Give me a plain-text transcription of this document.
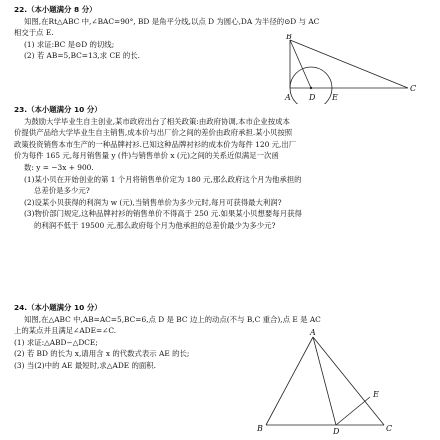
22.（本小题满分 8 分）

知图,在Rt△ABC 中,∠BAC=90°, BD 是角平分线,以点 D 为圆心,DA 为半径的⊙D 与 AC

相交于点 E.

(1) 求证:BC 是⊙D 的切线;

(2) 若 AB=5,BC=13,求 CE 的长.

A
B
C
D E

23.（本小题满分 10 分）

为鼓励大学毕业生自主创业,某市政府出台了相关政策:由政府协调,本市企业按成本

价提供产品给大学毕业生自主销售,成本价与出厂价之间的差价由政府承担.某小贝按照

政策投资销售本市生产的一种品牌衬衫.已知这种品牌衬衫的成本价为每件 120 元,出厂

价为每件 165 元,每月销售量 y (件)与销售单价 x (元)之间的关系近似满足一次函

数: y = −3x + 900.

(1)某小贝在开始创业的第 1 个月将销售单价定为 180 元,那么政府这个月为他承担的

总差价是多少元?

(2)设某小贝获得的利润为 w (元),当销售单价为多少元时,每月可获得最大利润?

(3)物价部门规定,这种品牌衬衫的销售单价不得高于 250 元.如果某小贝想要每月获得

的利润不低于 19500 元,那么政府每个月为他承担的总差价最少为多少元?

24.（本小题满分 10 分）

知图,在△ABC 中,AB=AC=5,BC=6,点 D 是 BC 边上的动点(不与 B,C 重合),点 E 是 AC

上的某点并且满足∠ADE=∠C.

(1) 求证:△ABD∽△DCE;

(2) 若 BD 的长为 x,请用含 x 的代数式表示 AE 的长;

(3) 当(2)中的 AE 最短时,求△ADE 的面积.

A
B	C
D
E
